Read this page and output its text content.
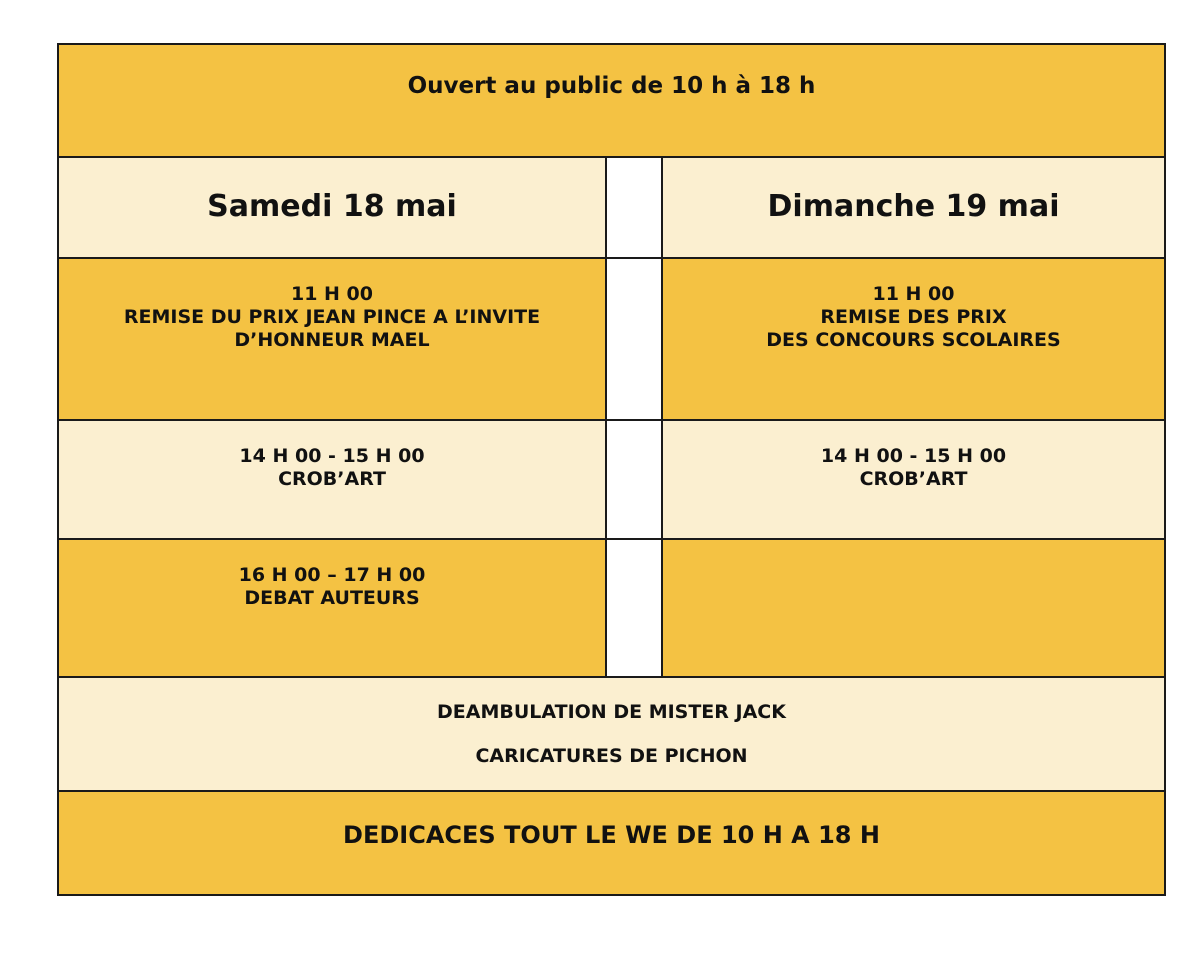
Ouvert au public de 10 h à 18 h
Samedi 18 mai	Dimanche 19 mai
11 H 00
REMISE DU PRIX JEAN PINCE A L’INVITE
D’HONNEUR MAEL
11 H 00
REMISE DES PRIX
DES CONCOURS SCOLAIRES
14 H 00 - 15 H 00
CROB’ART
14 H 00 - 15 H 00
CROB’ART
16 H 00 – 17 H 00
DEBAT AUTEURS
DEAMBULATION DE MISTER JACK
CARICATURES DE PICHON
DEDICACES TOUT LE WE DE 10 H A 18 H
